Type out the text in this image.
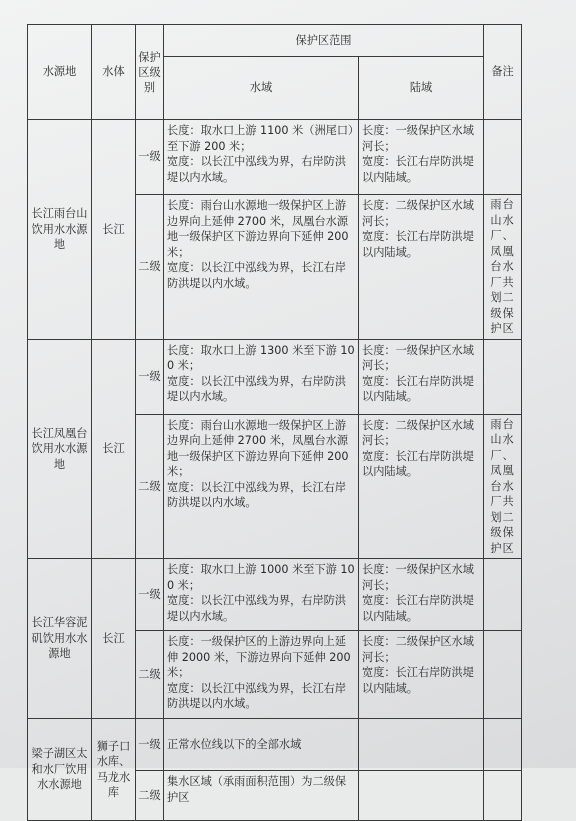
水源地	水体	保护区级别	保护区范围		备注
			水域	陆域	
长江雨台山饮用水水源地	长江	一级	长度：取水口上游 1100 米（洲尾口）至下游 200 米；
宽度：以长江中泓线为界，右岸防洪堤以内水域。	长度：一级保护区水域河长；
宽度：长江右岸防洪堤以内陆域。	

		二级	长度：雨台山水源地一级保护区上游边界向上延伸 2700 米，凤凰台水源地一级保护区下游边界向下延伸 200 米；
宽度：以长江中泓线为界，长江右岸防洪堤以内水域。	长度：二级保护区水域河长；
宽度：长江右岸防洪堤以内陆域。	雨台山水厂、凤凰台水厂共划二级保护区
长江凤凰台饮用水水源地	长江	一级	长度：取水口上游 1300 米至下游 100 米；
宽度：以长江中泓线为界，右岸防洪堤以内水域。	长度：一级保护区水域河长；
宽度：长江右岸防洪堤以内陆域。	

		二级	长度：雨台山水源地一级保护区上游边界向上延伸 2700 米，凤凰台水源地一级保护区下游边界向下延伸 200 米；
宽度：以长江中泓线为界，长江右岸防洪堤以内水域。	长度：二级保护区水域河长；
宽度：长江右岸防洪堤以内陆域。	雨台山水厂、凤凰台水厂共划二级保护区
长江华容泥矶饮用水水源地	长江	一级	长度：取水口上游 1000 米至下游 100 米；
宽度：以长江中泓线为界，右岸防洪堤以内水域。	长度：一级保护区水域河长；
宽度：长江右岸防洪堤以内陆域。	

		二级	长度：一级保护区的上游边界向上延伸 2000 米，下游边界向下延伸 200 米；
宽度：以长江中泓线为界，长江右岸防洪堤以内水域。	长度：二级保护区水域河长；
宽度：长江右岸防洪堤以内陆域。	

梁子湖区太和水厂饮用水水源地	狮子口水库、马龙水库	一级	正常水位线以下的全部水域		

		二级	集水区域（承雨面积范围）为二级保护区		
